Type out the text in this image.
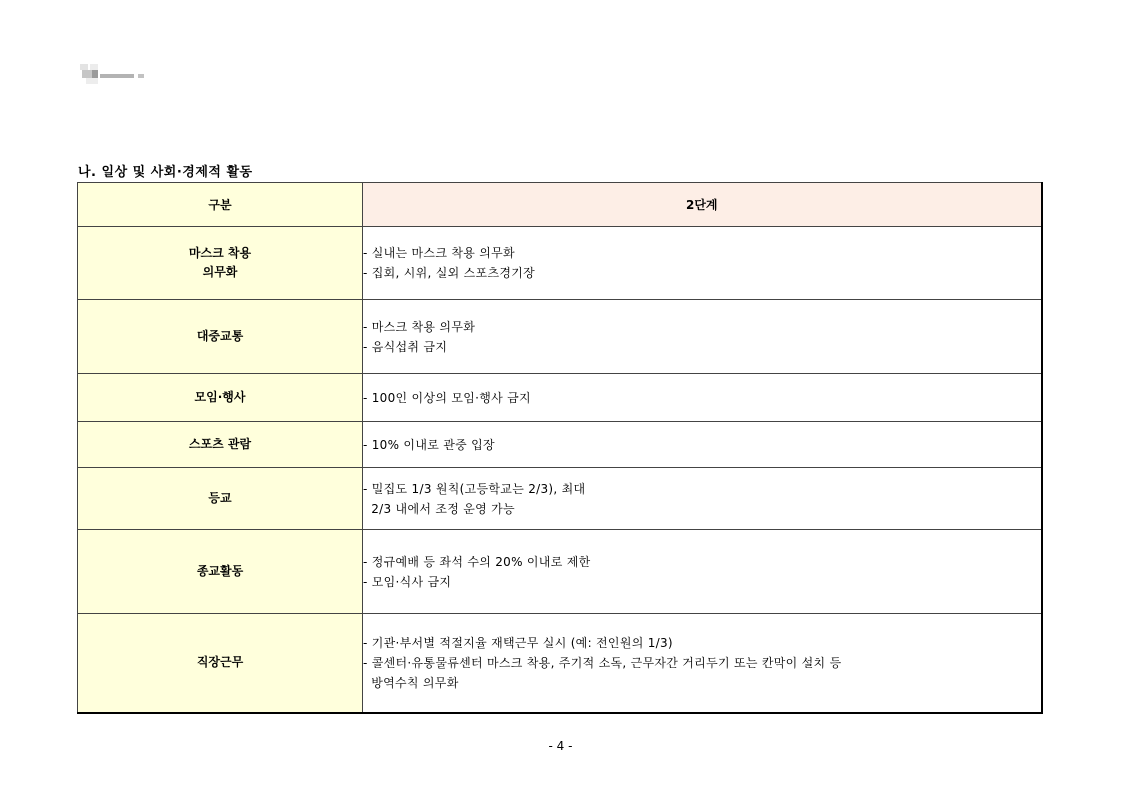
나. 일상 및 사회·경제적 활동
구분	2단계

마스크 착용
의무화	- 실내는 마스크 착용 의무화
- 집회, 시위, 실외 스포츠경기장

대중교통	- 마스크 착용 의무화
- 음식섭취 금지

모임·행사	- 100인 이상의 모임·행사 금지

스포츠 관람	- 10% 이내로 관중 입장

등교	- 밀집도 1/3 원칙(고등학교는 2/3), 최대
2/3 내에서 조정 운영 가능

종교활동	- 정규예배 등 좌석 수의 20% 이내로 제한
- 모임·식사 금지

직장근무	- 기관·부서별 적절지율 재택근무 실시 (예: 전인원의 1/3)
- 콜센터·유통물류센터 마스크 착용, 주기적 소독, 근무자간 거리두기 또는 칸막이 설치 등
방역수칙 의무화
- 4 -
